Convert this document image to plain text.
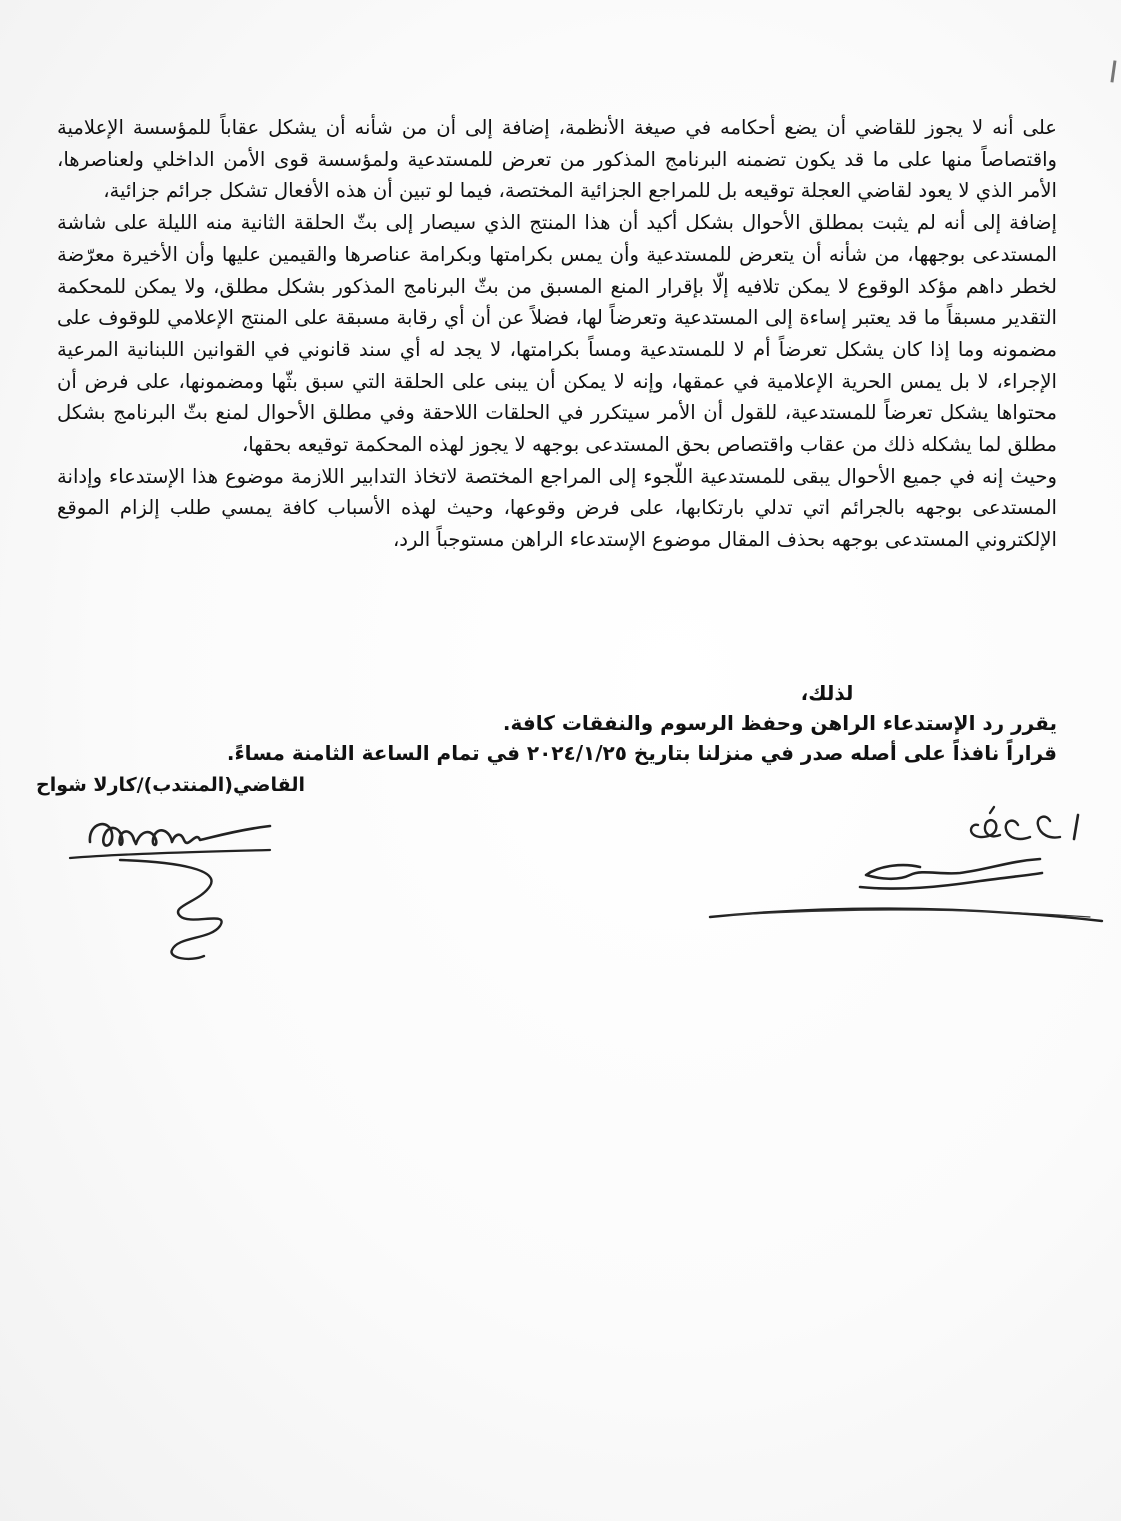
على أنه لا يجوز للقاضي أن يضع أحكامه في صيغة الأنظمة، إضافة إلى أن من شأنه أن يشكل عقاباً للمؤسسة الإعلامية واقتصاصاً منها على ما قد يكون تضمنه البرنامج المذكور من تعرض للمستدعية ولمؤسسة قوى الأمن الداخلي ولعناصرها، الأمر الذي لا يعود لقاضي العجلة توقيعه بل للمراجع الجزائية المختصة، فيما لو تبين أن هذه الأفعال تشكل جرائم جزائية،

إضافة إلى أنه لم يثبت بمطلق الأحوال بشكل أكيد أن هذا المنتج الذي سيصار إلى بثّ الحلقة الثانية منه الليلة على شاشة المستدعى بوجهها، من شأنه أن يتعرض للمستدعية وأن يمس بكرامتها وبكرامة عناصرها والقيمين عليها وأن الأخيرة معرّضة لخطر داهم مؤكد الوقوع لا يمكن تلافيه إلّا بإقرار المنع المسبق من بثّ البرنامج المذكور بشكل مطلق، ولا يمكن للمحكمة التقدير مسبقاً ما قد يعتبر إساءة إلى المستدعية وتعرضاً لها، فضلاً عن أن أي رقابة مسبقة على المنتج الإعلامي للوقوف على مضمونه وما إذا كان يشكل تعرضاً أم لا للمستدعية ومساً بكرامتها، لا يجد له أي سند قانوني في القوانين اللبنانية المرعية الإجراء، لا بل يمس الحرية الإعلامية في عمقها، وإنه لا يمكن أن يبنى على الحلقة التي سبق بثّها ومضمونها، على فرض أن محتواها يشكل تعرضاً للمستدعية، للقول أن الأمر سيتكرر في الحلقات اللاحقة وفي مطلق الأحوال لمنع بثّ البرنامج بشكل مطلق لما يشكله ذلك من عقاب واقتصاص بحق المستدعى بوجهه لا يجوز لهذه المحكمة توقيعه بحقها،

وحيث إنه في جميع الأحوال يبقى للمستدعية اللّجوء إلى المراجع المختصة لاتخاذ التدابير اللازمة موضوع هذا الإستدعاء وإدانة المستدعى بوجهه بالجرائم اتي تدلي بارتكابها، على فرض وقوعها، وحيث لهذه الأسباب كافة يمسي طلب إلزام الموقع الإلكتروني المستدعى بوجهه بحذف المقال موضوع الإستدعاء الراهن مستوجباً الرد،

لذلك،
يقرر رد الإستدعاء الراهن وحفظ الرسوم والنفقات كافة.
قراراً نافذاً على أصله صدر في منزلنا بتاريخ ٢٠٢٤/١/٢٥ في تمام الساعة الثامنة مساءً.
القاضي(المنتدب)/كارلا شواح
